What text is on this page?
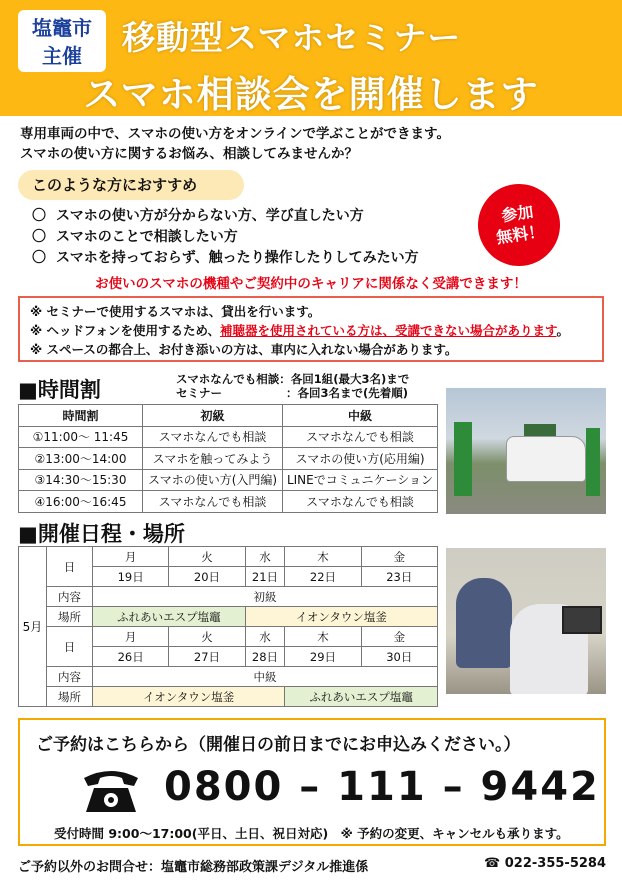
塩竈市
主催	移動型スマホセミナー
スマホ相談会を開催します
専用車両の中で、スマホの使い方をオンラインで学ぶことができます。
スマホの使い方に関するお悩み、相談してみませんか？
このような方におすすめ
〇 スマホの使い方が分からない方、学び直したい方
〇 スマホのことで相談したい方
〇 スマホを持っておらず、触ったり操作したりしてみたい方
参加
無料！
お使いのスマホの機種やご契約中のキャリアに関係なく受講できます！
※ セミナーで使用するスマホは、貸出を行います。
※ ヘッドフォンを使用するため、補聴器を使用されている方は、受講できない場合があります。
※ スペースの都合上、お付き添いの方は、車内に入れない場合があります。
■時間割	スマホなんでも相談：各回1組(最大3名)まで
セミナー	：各回3名まで(先着順)
時間割	初級	中級
①11:00～ 11:45	スマホなんでも相談	スマホなんでも相談
②13:00～14:00	スマホを触ってみよう	スマホの使い方(応用編)
③14:30～15:30	スマホの使い方(入門編)	LINEでコミュニケーション
④16:00～16:45	スマホなんでも相談	スマホなんでも相談
■開催日程・場所
5月	日	月	火	水	木	金
		19日	20日	21日	22日	23日
	内容	初級				
	場所	ふれあいエスプ塩竈		イオンタウン塩釜		
	日	月	火	水	木	金
		26日	27日	28日	29日	30日
	内容	中級				
	場所	イオンタウン塩釜			ふれあいエスプ塩竈	
ご予約はこちらから（開催日の前日までにお申込みください。）
0800 – 111 – 9442
受付時間 9:00～17:00(平日、土日、祝日対応)　※ 予約の変更、キャンセルも承ります。
ご予約以外のお問合せ：塩竈市総務部政策課デジタル推進係	☎ 022-355-5284
